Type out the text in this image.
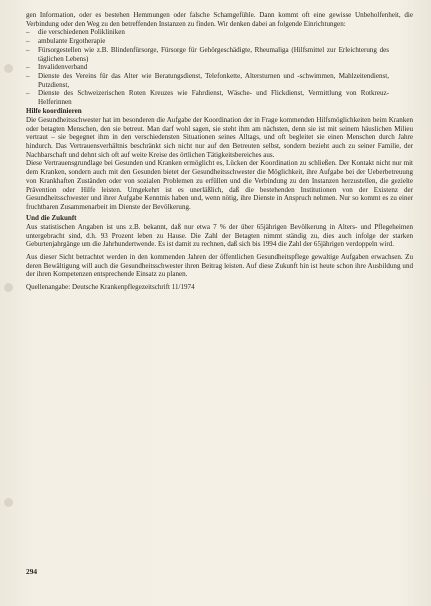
gen Information, oder es bestehen Hemmungen oder falsche Schamgefühle. Dann kommt oft eine gewisse Unbeholfenheit, die Verbindung oder den Weg zu den betreffenden Instanzen zu finden. Wir denken dabei an folgende Einrichtungen:

–	die verschiedenen Polikliniken
–	ambulante Ergotherapie
–	Fürsorgestellen wie z.B. Blindenfürsorge, Fürsorge für Gehörgeschädigte, Rheumaliga (Hilfsmittel zur Erleichterung des täglichen Lebens)
–	Invalidenverband
–	Dienste des Vereins für das Alter wie Beratungsdienst, Telefonkette, Altersturnen und -schwimmen, Mahlzeitendienst, Putzdienst,
–	Dienste des Schweizerischen Roten Kreuzes wie Fahrdienst, Wäsche- und Flickdienst, Vermittlung von Rotkreuz-Helferinnen
Hilfe koordinieren

Die Gesundheitsschwester hat im besonderen die Aufgabe der Koordination der in Frage kommenden Hilfsmöglichkeiten beim Kranken oder betagten Menschen, den sie betreut. Man darf wohl sagen, sie steht ihm am nächsten, denn sie ist mit seinem häuslichen Milieu vertraut – sie begegnet ihm in den verschiedensten Situationen seines Alltags, und oft begleitet sie einen Menschen durch Jahre hindurch. Das Vertrauensverhältnis beschränkt sich nicht nur auf den Betreuten selbst, sondern bezieht auch zu seiner Familie, der Nachbarschaft und dehnt sich oft auf weite Kreise des örtlichen Tätigkeitsbereiches aus.

Diese Vertrauensgrundlage bei Gesunden und Kranken ermöglicht es, Lücken der Koordination zu schließen. Der Kontakt nicht nur mit dem Kranken, sondern auch mit den Gesunden bietet der Gesundheitsschwester die Möglichkeit, ihre Aufgabe bei der Ueberbetreuung von Krankhaften Zuständen oder von sozialen Problemen zu erfüllen und die Verbindung zu den Instanzen herzustellen, die gezielte Prävention oder Hilfe leisten. Umgekehrt ist es unerläßlich, daß die bestehenden Institutionen von der Existenz der Gesundheitsschwester und ihrer Aufgabe Kenntnis haben und, wenn nötig, ihre Dienste in Anspruch nehmen. Nur so kommt es zu einer fruchtbaren Zusammenarbeit im Dienste der Bevölkerung.

Und die Zukunft

Aus statistischen Angaben ist uns z.B. bekannt, daß nur etwa 7 % der über 65jährigen Bevölkerung in Alters- und Pflegeheimen untergebracht sind, d.h. 93 Prozent leben zu Hause. Die Zahl der Betagten nimmt ständig zu, dies auch infolge der starken Geburtenjahrgänge um die Jahrhundertwende. Es ist damit zu rechnen, daß sich bis 1994 die Zahl der 65jährigen verdoppeln wird.

Aus dieser Sicht betrachtet werden in den kommenden Jahren der öffentlichen Gesundheitspflege gewaltige Aufgaben erwachsen. Zu deren Bewältigung will auch die Gesundheitsschwester ihren Beitrag leisten. Auf diese Zukunft hin ist heute schon ihre Ausbildung und der ihren Kompetenzen entsprechende Einsatz zu planen.

Quellenangabe: Deutsche Krankenpflegezeitschrift 11/1974
294
